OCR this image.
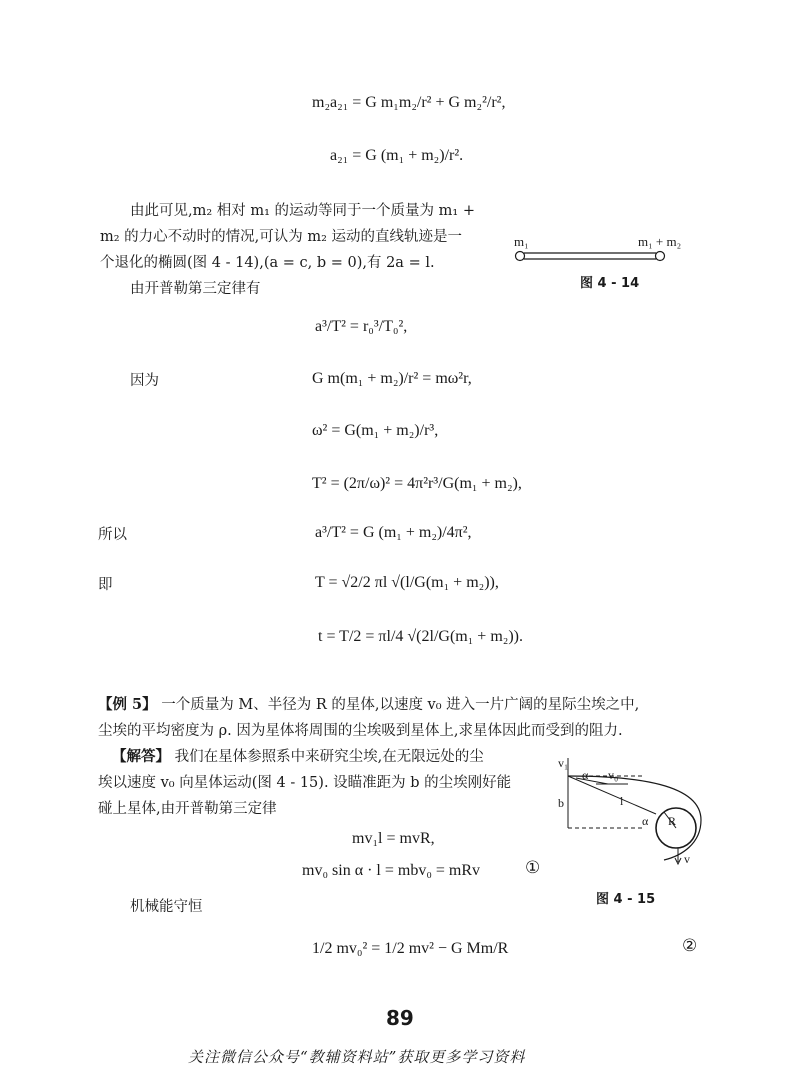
m₂a₂₁ = G m₁m₂/r² + G m₂²/r²,
a₂₁ = G (m₁ + m₂)/r².
由此可见,m₂ 相对 m₁ 的运动等同于一个质量为 m₁ +
m₂ 的力心不动时的情况,可认为 m₂ 运动的直线轨迹是一
个退化的椭圆(图 4 - 14),(a = c, b = 0),有 2a = l.
由开普勒第三定律有
m₁	m₁ + m₂
图 4 - 14
a³/T² = r₀³/T₀²,
因为	G m(m₁ + m₂)/r² = mω²r,
ω² = G(m₁ + m₂)/r³,
T² = (2π/ω)² = 4π²r³/G(m₁ + m₂),
所以	a³/T² = G (m₁ + m₂)/4π²,
即	T = √2/2 πl √(l/G(m₁ + m₂)),
t = T/2 = πl/4 √(2l/G(m₁ + m₂)).
【例 5】 一个质量为 M、半径为 R 的星体,以速度 v₀ 进入一片广阔的星际尘埃之中,
尘埃的平均密度为 ρ. 因为星体将周围的尘埃吸到星体上,求星体因此而受到的阻力.
【解答】 我们在星体参照系中来研究尘埃,在无限远处的尘
埃以速度 v₀ 向星体运动(图 4 - 15). 设瞄准距为 b 的尘埃刚好能
碰上星体,由开普勒第三定律
mv₁l = mvR,
mv₀ sin α · l = mbv₀ = mRv	①
v₁
α v₀
b	l
α R
v
图 4 - 15
机械能守恒
1/2 mv₀² = 1/2 mv² − G Mm/R	②
89
关注微信公众号“教辅资料站”获取更多学习资料
